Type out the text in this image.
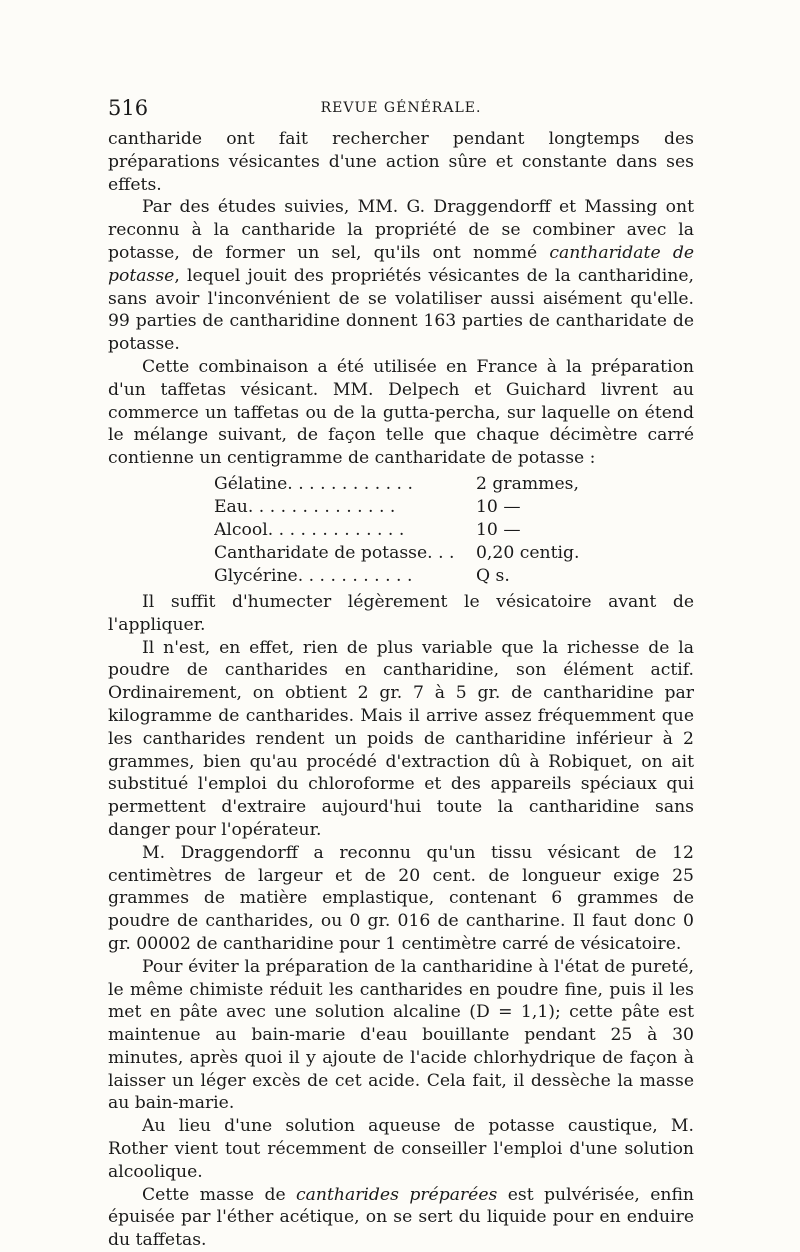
516	REVUE GÉNÉRALE.

cantharide ont fait rechercher pendant longtemps des préparations vésicantes d'une action sûre et constante dans ses effets.

Par des études suivies, MM. G. Draggendorff et Massing ont reconnu à la cantharide la propriété de se combiner avec la potasse, de former un sel, qu'ils ont nommé cantharidate de potasse, lequel jouit des propriétés vésicantes de la cantharidine, sans avoir l'inconvénient de se volatiliser aussi aisément qu'elle. 99 parties de cantharidine donnent 163 parties de cantharidate de potasse.

Cette combinaison a été utilisée en France à la préparation d'un taffetas vésicant. MM. Delpech et Guichard livrent au commerce un taffetas ou de la gutta-percha, sur laquelle on étend le mélange suivant, de façon telle que chaque décimètre carré contienne un centigramme de cantharidate de potasse :

Gélatine. . . . . . . . . . . .	2 grammes,
Eau. . . . . . . . . . . . . .	10 —
Alcool. . . . . . . . . . . . .	10 —
Cantharidate de potasse. . .	0,20 centig.
Glycérine. . . . . . . . . . .	Q s.

Il suffit d'humecter légèrement le vésicatoire avant de l'appliquer.

Il n'est, en effet, rien de plus variable que la richesse de la poudre de cantharides en cantharidine, son élément actif. Ordinairement, on obtient 2 gr. 7 à 5 gr. de cantharidine par kilogramme de cantharides. Mais il arrive assez fréquemment que les cantharides rendent un poids de cantharidine inférieur à 2 grammes, bien qu'au procédé d'extraction dû à Robiquet, on ait substitué l'emploi du chloroforme et des appareils spéciaux qui permettent d'extraire aujourd'hui toute la cantharidine sans danger pour l'opérateur.

M. Draggendorff a reconnu qu'un tissu vésicant de 12 centimètres de largeur et de 20 cent. de longueur exige 25 grammes de matière emplastique, contenant 6 grammes de poudre de cantharides, ou 0 gr. 016 de cantharine. Il faut donc 0 gr. 00002 de cantharidine pour 1 centimètre carré de vésicatoire.

Pour éviter la préparation de la cantharidine à l'état de pureté, le même chimiste réduit les cantharides en poudre fine, puis il les met en pâte avec une solution alcaline (D = 1,1); cette pâte est maintenue au bain-marie d'eau bouillante pendant 25 à 30 minutes, après quoi il y ajoute de l'acide chlorhydrique de façon à laisser un léger excès de cet acide. Cela fait, il dessèche la masse au bain-marie.

Au lieu d'une solution aqueuse de potasse caustique, M. Rother vient tout récemment de conseiller l'emploi d'une solution alcoolique.

Cette masse de cantharides préparées est pulvérisée, enfin épuisée par l'éther acétique, on se sert du liquide pour en enduire du taffetas.
